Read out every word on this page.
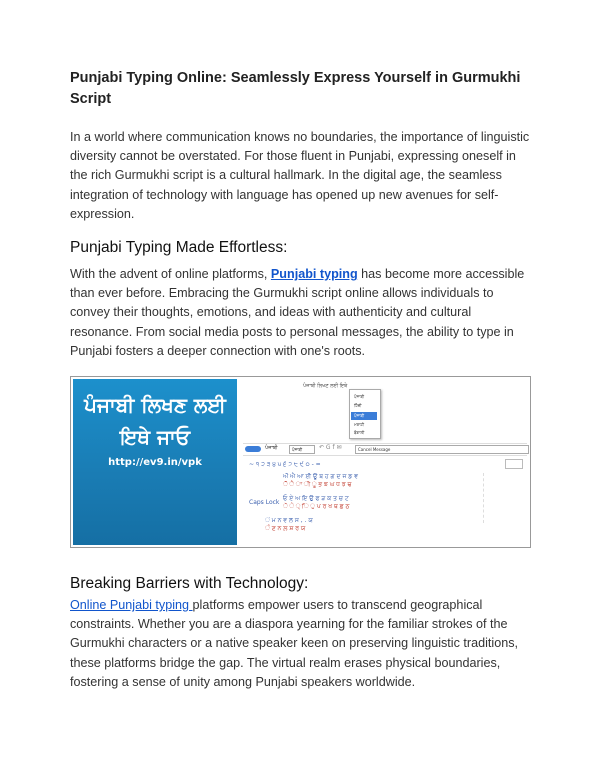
Punjabi Typing Online: Seamlessly Express Yourself in Gurmukhi Script

In a world where communication knows no boundaries, the importance of linguistic diversity cannot be overstated. For those fluent in Punjabi, expressing oneself in the rich Gurmukhi script is a cultural hallmark. In the digital age, the seamless integration of technology with language has opened up new avenues for self-expression.

Punjabi Typing Made Effortless:

With the advent of online platforms, Punjabi typing has become more accessible than ever before. Embracing the Gurmukhi script online allows individuals to convey their thoughts, emotions, and ideas with authenticity and cultural resonance. From social media posts to personal messages, the ability to type in Punjabi fosters a deeper connection with one's roots.

ਪੰਜਾਬੀ ਲਿਖਣ ਲਈ
ਇਥੇ ਜਾਓ
http://ev9.in/vpk
ਪੰਜਾਬੀ ਲਿਖਣ ਲਈ ਇਥੇ
ਪੰਜਾਬੀ
ਹਿੰਦੀ
ਪੰਜਾਬੀ
ਮਰਾਠੀ
ਬੰਗਾਲੀ
ਪੰਜਾਬੀ	ਪੰਜਾਬੀ	↶ G f ✉	Cancel Message
~ ੧ ੨ ੩ ੪ ੫ ੬ ੭ ੮ ੯ ੦ - =
ਔ ਐ ਆ ਈ ਊ ਬ ਹ ਗ ਦ ਜ ਡ ਞ
ੌ ੈ ਾ ੀ ੂ ਭ ਙ ਘ ਧ ਝ ਢ
Caps Lock
ਓ ਏ ਅ ਇ ਉ ਫ ੜ ਕ ਤ ਚ ਟ
ੋ ੇ ੍ ਿ ੁ ਪ ਰ ਖ ਥ ਛ ਠ
ਂ ਮ ਨ ਵ ਲ ਸ , . ਯ
ੰ ਣ ਨ ਲ਼ ਸ਼ ਰ ਯ
Breaking Barriers with Technology:

Online Punjabi typing platforms empower users to transcend geographical constraints. Whether you are a diaspora yearning for the familiar strokes of the Gurmukhi characters or a native speaker keen on preserving linguistic traditions, these platforms bridge the gap. The virtual realm erases physical boundaries, fostering a sense of unity among Punjabi speakers worldwide.
